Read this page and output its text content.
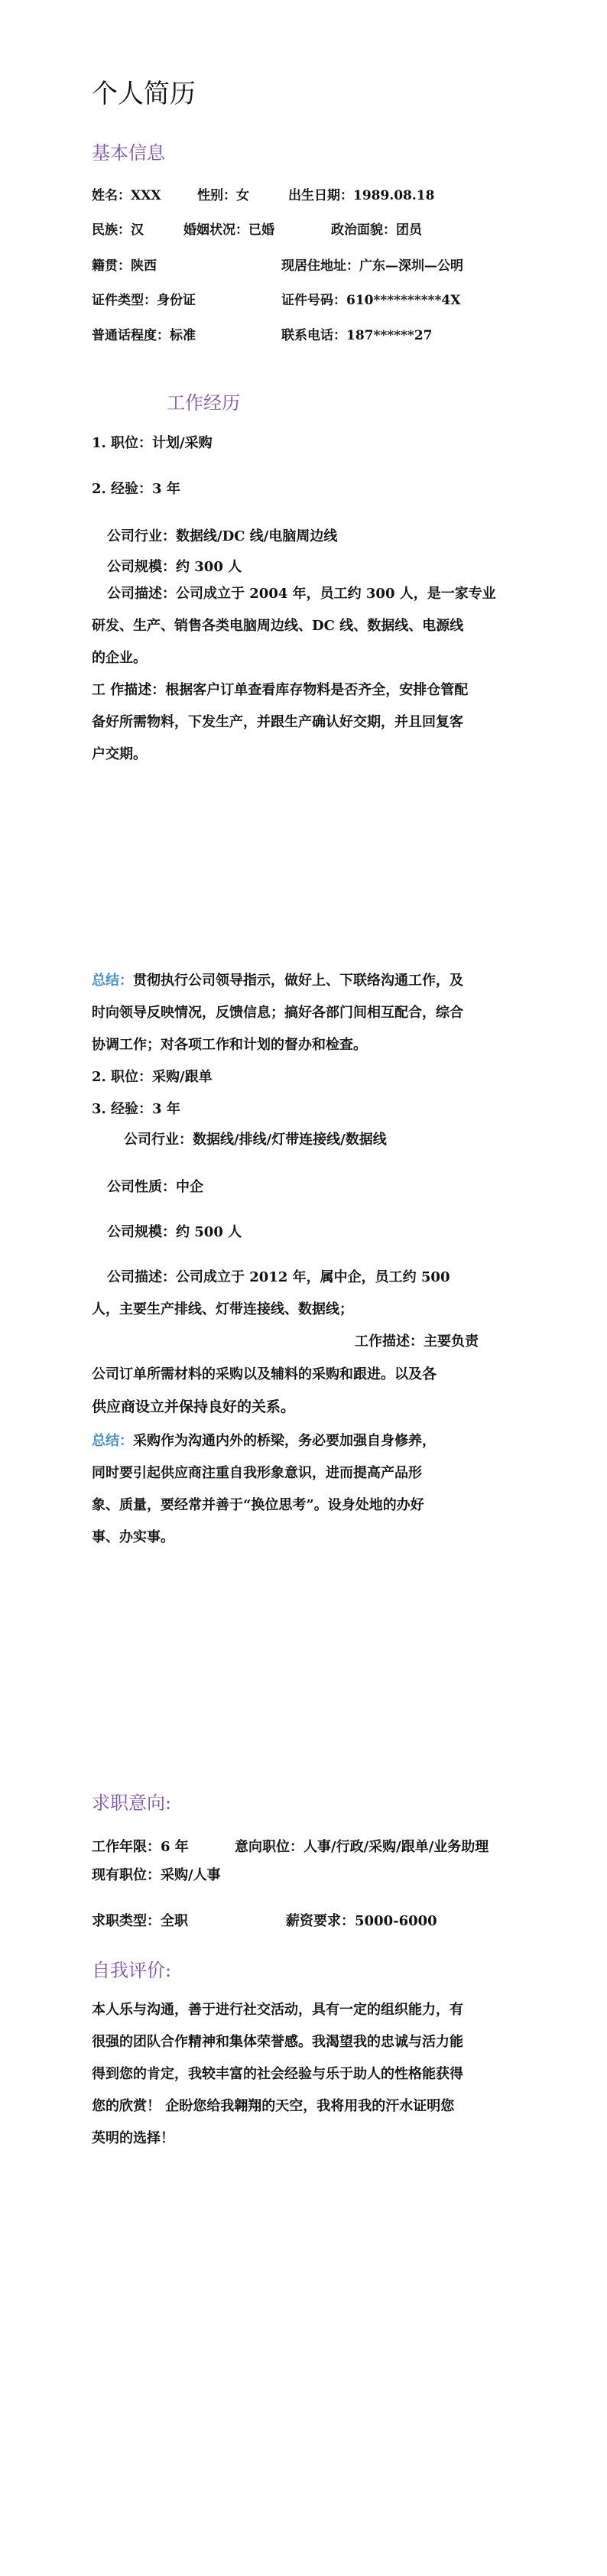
个人简历
基本信息
姓名：XXX	性别：女	出生日期：1989.08.18
民族：汉	婚姻状况：已婚	政治面貌：团员
籍贯：陕西	现居住地址：广东—深圳—公明
证件类型：身份证	证件号码：610**********4X
普通话程度：标准	联系电话：187******27
工作经历
1. 职位：计划/采购
2. 经验：3 年
公司行业：数据线/DC 线/电脑周边线
公司规模：约 300 人
公司描述：公司成立于 2004 年，员工约 300 人，是一家专业
研发、生产、销售各类电脑周边线、DC 线、数据线、电源线
的企业。
工 作描述：根据客户订单查看库存物料是否齐全，安排仓管配
备好所需物料，下发生产，并跟生产确认好交期，并且回复客
户交期。
总结：贯彻执行公司领导指示，做好上、下联络沟通工作，及
时向领导反映情况，反馈信息；搞好各部门间相互配合，综合
协调工作；对各项工作和计划的督办和检查。
2. 职位：采购/跟单
3. 经验：3 年
公司行业：数据线/排线/灯带连接线/数据线
公司性质：中企
公司规模：约 500 人
公司描述：公司成立于 2012 年，属中企，员工约 500
人，主要生产排线、灯带连接线、数据线；
工作描述：主要负责
公司订单所需材料的采购以及辅料的采购和跟进。以及各
供应商设立并保持良好的关系。
总结：采购作为沟通内外的桥梁，务必要加强自身修养，
同时要引起供应商注重自我形象意识，进而提高产品形
象、质量，要经常并善于“换位思考”。设身处地的办好
事、办实事。
求职意向:
工作年限：6 年	意向职位：人事/行政/采购/跟单/业务助理
现有职位：采购/人事
求职类型：全职	薪资要求：5000-6000
自我评价:
本人乐与沟通，善于进行社交活动，具有一定的组织能力，有
很强的团队合作精神和集体荣誉感。我渴望我的忠诚与活力能
得到您的肯定，我较丰富的社会经验与乐于助人的性格能获得
您的欣赏！ 企盼您给我翱翔的天空，我将用我的汗水证明您
英明的选择！
